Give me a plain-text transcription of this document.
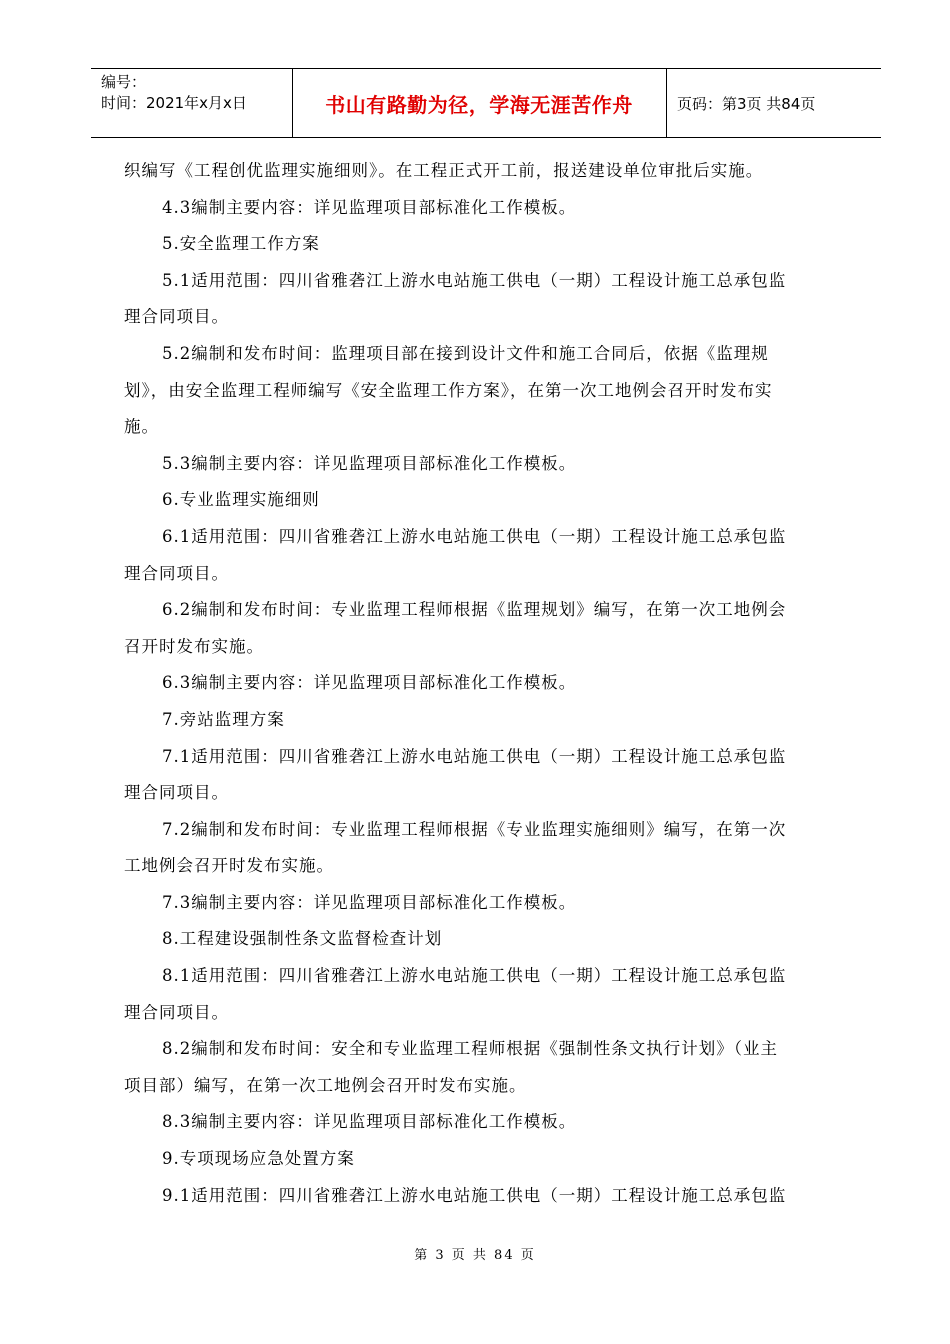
编号：
时间：2021年x月x日	书山有路勤为径，学海无涯苦作舟	页码：第3页 共84页
织编写《工程创优监理实施细则》。在工程正式开工前，报送建设单位审批后实施。
4.3编制主要内容：详见监理项目部标准化工作模板。
5.安全监理工作方案
5.1适用范围：四川省雅砻江上游水电站施工供电（一期）工程设计施工总承包监
理合同项目。
5.2编制和发布时间：监理项目部在接到设计文件和施工合同后，依据《监理规
划》，由安全监理工程师编写《安全监理工作方案》，在第一次工地例会召开时发布实
施。
5.3编制主要内容：详见监理项目部标准化工作模板。
6.专业监理实施细则
6.1适用范围：四川省雅砻江上游水电站施工供电（一期）工程设计施工总承包监
理合同项目。
6.2编制和发布时间：专业监理工程师根据《监理规划》编写，在第一次工地例会
召开时发布实施。
6.3编制主要内容：详见监理项目部标准化工作模板。
7.旁站监理方案
7.1适用范围：四川省雅砻江上游水电站施工供电（一期）工程设计施工总承包监
理合同项目。
7.2编制和发布时间：专业监理工程师根据《专业监理实施细则》编写，在第一次
工地例会召开时发布实施。
7.3编制主要内容：详见监理项目部标准化工作模板。
8.工程建设强制性条文监督检查计划
8.1适用范围：四川省雅砻江上游水电站施工供电（一期）工程设计施工总承包监
理合同项目。
8.2编制和发布时间：安全和专业监理工程师根据《强制性条文执行计划》（业主
项目部）编写，在第一次工地例会召开时发布实施。
8.3编制主要内容：详见监理项目部标准化工作模板。
9.专项现场应急处置方案
9.1适用范围：四川省雅砻江上游水电站施工供电（一期）工程设计施工总承包监
第 3 页 共 84 页
